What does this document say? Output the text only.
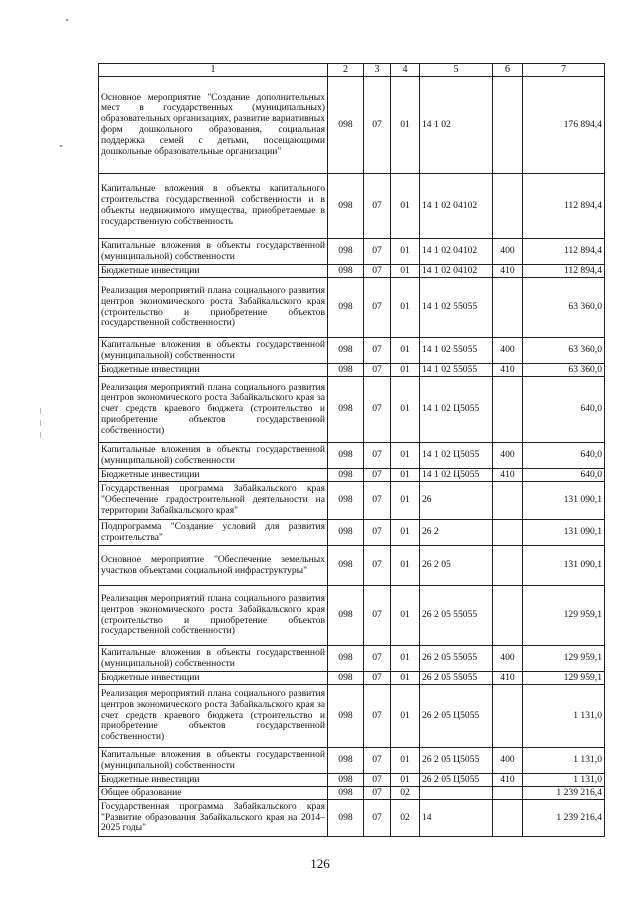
1	2	3	4	5	6	7
Основное мероприятие "Создание дополнительных мест в государственных (муниципальных) образовательных организациях, развитие вариативных форм дошкольного образования, социальная поддержка семей с детьми, посещающими дошкольные образовательные организации"	098	07	01	14 1 02		176 894,4
Капитальные вложения в объекты капитального строительства государственной собственности и в объекты недвижимого имущества, приобретаемые в государственную собственность	098	07	01	14 1 02 04102		112 894,4
Капитальные вложения в объекты государственной (муниципальной) собственности	098	07	01	14 1 02 04102	400	112 894,4
Бюджетные инвестиции	098	07	01	14 1 02 04102	410	112 894,4
Реализация мероприятий плана социального развития центров экономического роста Забайкальского края (строительство и приобретение объектов государственной собственности)	098	07	01	14 1 02 55055		63 360,0
Капитальные вложения в объекты государственной (муниципальной) собственности	098	07	01	14 1 02 55055	400	63 360,0
Бюджетные инвестиции	098	07	01	14 1 02 55055	410	63 360,0
Реализация мероприятий плана социального развития центров экономического роста Забайкальского края за счет средств краевого бюджета (строительство и приобретение объектов государственной собственности)	098	07	01	14 1 02 Ц5055		640,0
Капитальные вложения в объекты государственной (муниципальной) собственности	098	07	01	14 1 02 Ц5055	400	640,0
Бюджетные инвестиции	098	07	01	14 1 02 Ц5055	410	640,0
Государственная программа Забайкальского края "Обеспечение градостроительной деятельности на территории Забайкальского края"	098	07	01	26		131 090,1
Подпрограмма "Создание условий для развития строительства"	098	07	01	26 2		131 090,1
Основное мероприятие "Обеспечение земельных участков объектами социальной инфраструктуры"	098	07	01	26 2 05		131 090,1
Реализация мероприятий плана социального развития центров экономического роста Забайкальского края (строительство и приобретение объектов государственной собственности)	098	07	01	26 2 05 55055		129 959,1
Капитальные вложения в объекты государственной (муниципальной) собственности	098	07	01	26 2 05 55055	400	129 959,1
Бюджетные инвестиции	098	07	01	26 2 05 55055	410	129 959,1
Реализация мероприятий плана социального развития центров экономического роста Забайкальского края за счет средств краевого бюджета (строительство и приобретение объектов государственной собственности)	098	07	01	26 2 05 Ц5055		1 131,0
Капитальные вложения в объекты государственной (муниципальной) собственности	098	07	01	26 2 05 Ц5055	400	1 131,0
Бюджетные инвестиции	098	07	01	26 2 05 Ц5055	410	1 131,0
Общее образование	098	07	02			1 239 216,4
Государственная программа Забайкальского края "Развитие образования Забайкальского края на 2014–2025 годы"	098	07	02	14		1 239 216,4
126
